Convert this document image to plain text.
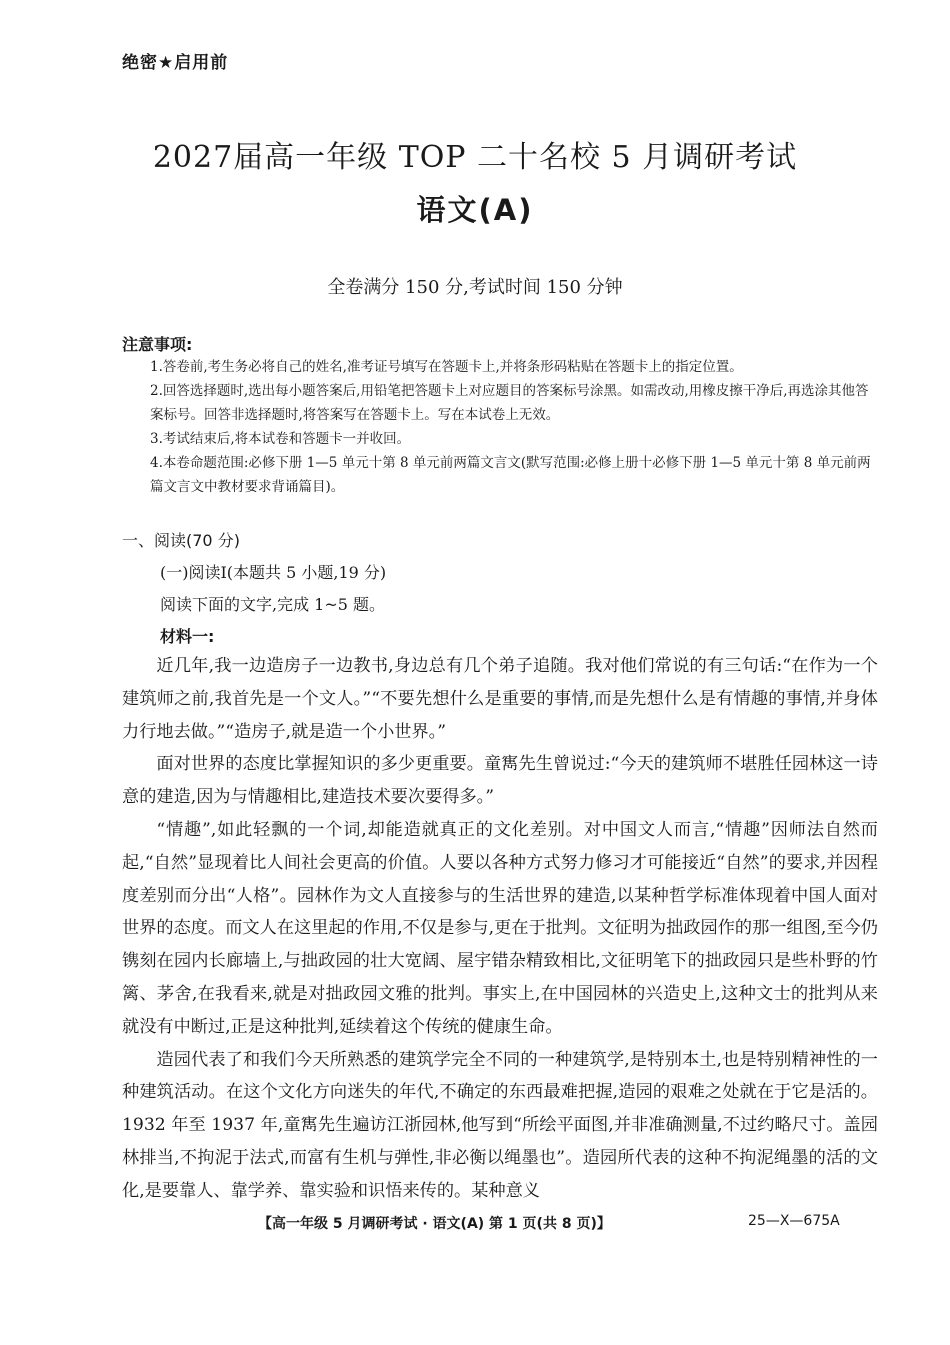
绝密★启用前
2027届高一年级 TOP 二十名校 5 月调研考试
语文(A)
全卷满分 150 分,考试时间 150 分钟
注意事项:
1.答卷前,考生务必将自己的姓名,准考证号填写在答题卡上,并将条形码粘贴在答题卡上的指定位置。
2.回答选择题时,选出每小题答案后,用铅笔把答题卡上对应题目的答案标号涂黑。如需改动,用橡皮擦干净后,再选涂其他答案标号。回答非选择题时,将答案写在答题卡上。写在本试卷上无效。
3.考试结束后,将本试卷和答题卡一并收回。
4.本卷命题范围:必修下册 1—5 单元十第 8 单元前两篇文言文(默写范围:必修上册十必修下册 1—5 单元十第 8 单元前两篇文言文中教材要求背诵篇目)。
一、阅读(70 分)
(一)阅读Ⅰ(本题共 5 小题,19 分)
阅读下面的文字,完成 1~5 题。
材料一:

近几年,我一边造房子一边教书,身边总有几个弟子追随。我对他们常说的有三句话:“在作为一个建筑师之前,我首先是一个文人。”“不要先想什么是重要的事情,而是先想什么是有情趣的事情,并身体力行地去做。”“造房子,就是造一个小世界。”

面对世界的态度比掌握知识的多少更重要。童寯先生曾说过:“今天的建筑师不堪胜任园林这一诗意的建造,因为与情趣相比,建造技术要次要得多。”

“情趣”,如此轻飘的一个词,却能造就真正的文化差别。对中国文人而言,“情趣”因师法自然而起,“自然”显现着比人间社会更高的价值。人要以各种方式努力修习才可能接近“自然”的要求,并因程度差别而分出“人格”。园林作为文人直接参与的生活世界的建造,以某种哲学标准体现着中国人面对世界的态度。而文人在这里起的作用,不仅是参与,更在于批判。文征明为拙政园作的那一组图,至今仍镌刻在园内长廊墙上,与拙政园的壮大宽阔、屋宇错杂精致相比,文征明笔下的拙政园只是些朴野的竹篱、茅舍,在我看来,就是对拙政园文雅的批判。事实上,在中国园林的兴造史上,这种文士的批判从来就没有中断过,正是这种批判,延续着这个传统的健康生命。

造园代表了和我们今天所熟悉的建筑学完全不同的一种建筑学,是特别本土,也是特别精神性的一种建筑活动。在这个文化方向迷失的年代,不确定的东西最难把握,造园的艰难之处就在于它是活的。1932 年至 1937 年,童寯先生遍访江浙园林,他写到“所绘平面图,并非准确测量,不过约略尺寸。盖园林排当,不拘泥于法式,而富有生机与弹性,非必衡以绳墨也”。造园所代表的这种不拘泥绳墨的活的文化,是要靠人、靠学养、靠实验和识悟来传的。某种意义

【高一年级 5 月调研考试 · 语文(A) 第 1 页(共 8 页)】	25—X—675A
